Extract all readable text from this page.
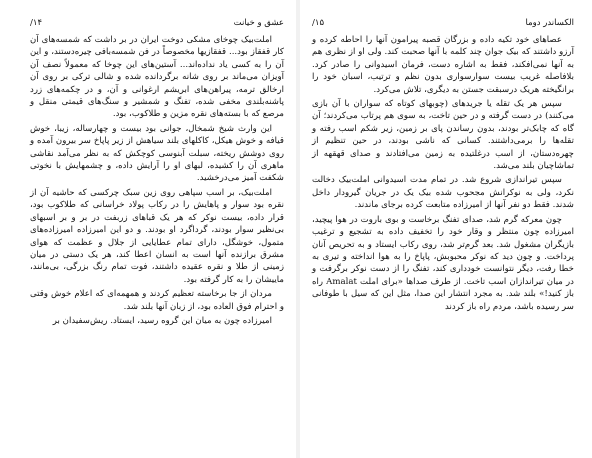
عشق و خیانت
۱۴/

املت‌بیک چوخای مشکی دوخت ایران در بر داشت که شمسه‌های آن کار قفقاز بود... قفقازیها مخصوصاً در فن شمسه‌بافی چیره‌دستند، و این آن را به کسی یاد نداده‌اند... آستین‌های این چوخا که معمولاً نصف آن آویزان می‌ماند بر روی شانه برگردانده شده و شالی ترکی بر روی آن ارخالق ترمه، پیراهن‌های ابریشم ارغوانی و آن، و در چکمه‌های زرد پاشنه‌بلندی مخفی شده، تفنگ و شمشیر و سنگ‌های قیمتی منقل و مرصع که با بسته‌های نقره مزین و طلاکوب، بود.

این وارث شیخ شمخال، جوانی بود بیست و چهارساله، زیبا، خوش قیافه و خوش هیکل، کاکلهای بلند سیاهش از زیر پاپاخ سر بیرون آمده و روی دوشش ریخته، سبلت آبنوسی کوچکش که به نظر می‌آمد نقاشی ماهری آن را کشیده، لبهای او را آرایش داده، و چشمهایش با نخوتی شکفت آمیز می‌درخشید.

املت‌بیک، بر اسب سپاهی روی زین سبک چرکسی که حاشیه آن از نقره بود سوار و پاهایش را در رکاب پولاد خراسانی که طلاکوب بود، قرار داده، بیست نوکر که هر یک قباهای زربفت در بر و بر اسبهای بی‌نظیر سوار بودند، گرداگرد او بودند. و دو این امیرزاده امیرزاده‌های متمول، خوشگل، دارای تمام عطایایی از جلال و عظمت که هوای مشرق برازنده آنها است به انسان اعطا کند، هر یک دستی در میان زمینی از طلا و نقره عقیده داشتند، فوت تمام رنگ بزرگی، بی‌مانند، ماییشان را به کار گرفته بود.

مردان از جا برخاسته تعظیم کردند و همهمه‌ای که اعلام خوش وقتی و احترام فوق العاده بود، از زبان آنها بلند شد.

امیرزاده چون به میان این گروه رسید، ایستاد. ریش‌سفیدان بر

الکساندر دوما
۱۵/

عصاهای خود تکیه داده و بزرگان قصبه پیرامون آنها را احاطه کرده و آرزو داشتند که بیک جوان چند کلمه با آنها صحبت کند. ولی او از نظری هم به آنها نمی‌افکند، فقط به اشاره دست، فرمان اسیدوانی را صادر کرد. بلافاصله غریب بیست سوارسواری بدون نظم و ترتیب، اسبان خود را برانگیخته هریک درسبقت جستن به دیگری، تلاش می‌کرد.

سپس هر یک تقله یا جریدهای (چوبهای کوتاه که سواران با آن بازی می‌کنند) در دست گرفته و در حین تاخت، به سوی هم پرتاب می‌کردند؛ آن گاه که چابک‌تر بودند، بدون رساندن پای بر زمین، زیر شکم اسب رفته و تقله‌ها را برمی‌داشتند. کسانی که ناشی بودند، در حین تنظیم از چهره‌دستان، از اسب درغلتیده به زمین می‌افتادند و صدای قهقهه از تماشاچیان بلند می‌شد.

سپس تیراندازی شروع شد. در تمام مدت اسیدوانی املت‌بیک دخالت نکرد، ولی به نوکرانش مجحوب شده بیک یک در جریان گیرودار داخل شدند. فقط دو نفر آنها از امیرزاده متابعت کرده برجای ماندند.

چون معرکه گرم شد، صدای تفنگ برخاست و بوی باروت در هوا پیچید، امیرزاده چون منتظر و وقار خود را تخفیف داده به تشجیع و ترغیب بازیگران مشغول شد. بعد گرم‌تر شد، روی رکاب ایستاد و به تحریص آنان پرداخت. و چون دید که نوکر محبوبش، پاپاخ را به هوا انداخته و تیری به خطا رفت، دیگر نتوانست خودداری کند، تفنگ را از دست نوکر برگرفت و در میان تیراندازان اسب تاخت. از طرف صداها «برای املت Amalat راه باز کنید!» بلند شد. به مجرد انتشار این صدا، مثل این که سیل با طوفانی سر رسیده باشد، مردم راه باز کردند
